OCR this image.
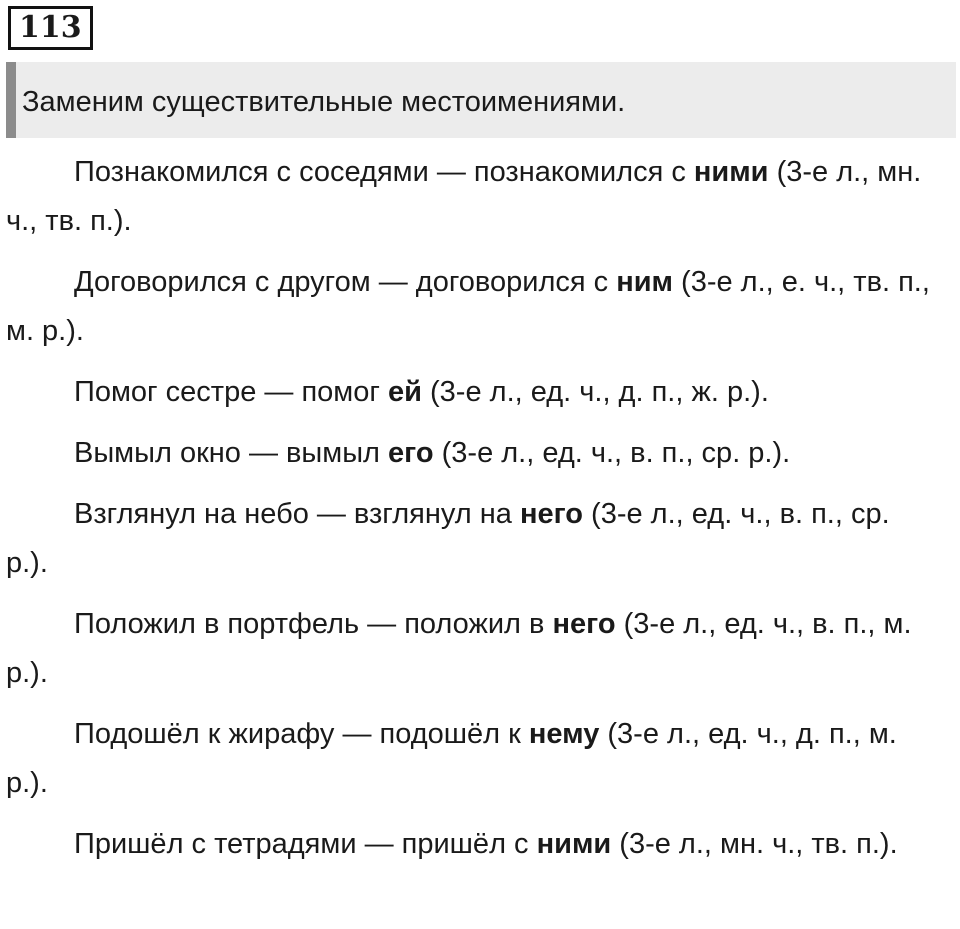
113
Заменим существительные местоимениями.

Познакомился с соседями — познакомился с ними (3-е л., мн. ч., тв. п.).

Договорился с другом — договорился с ним (3-е л., е. ч., тв. п., м. р.).

Помог сестре — помог ей (3-е л., ед. ч., д. п., ж. р.).

Вымыл окно — вымыл его (3-е л., ед. ч., в. п., ср. р.).

Взглянул на небо — взглянул на него (3-е л., ед. ч., в. п., ср. р.).

Положил в портфель — положил в него (3-е л., ед. ч., в. п., м. р.).

Подошёл к жирафу — подошёл к нему (3-е л., ед. ч., д. п., м. р.).

Пришёл с тетрадями — пришёл с ними (3-е л., мн. ч., тв. п.).
